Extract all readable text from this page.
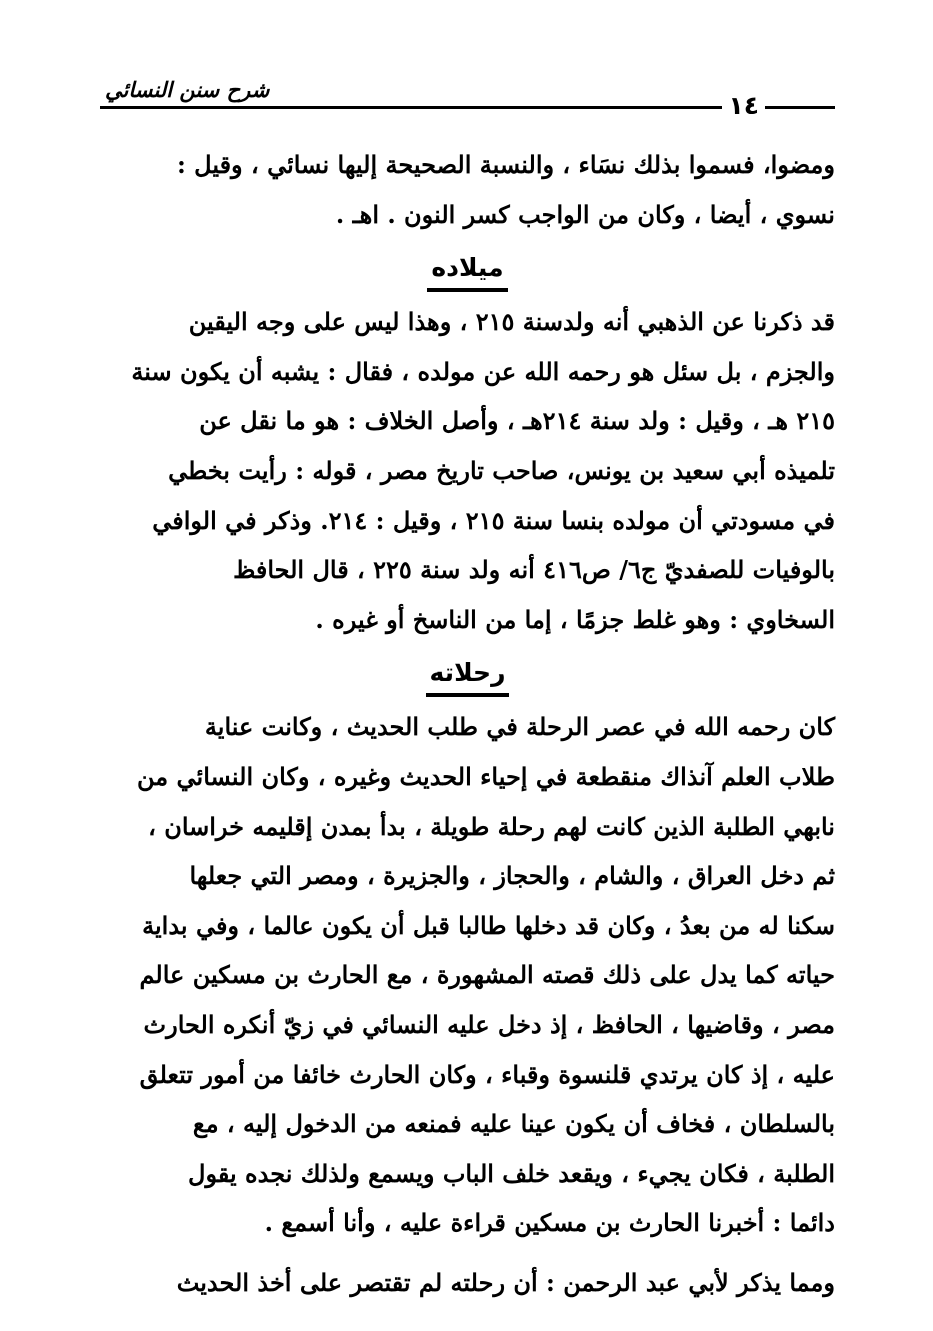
شرح سنن النسائي
١٤

ومضوا، فسموا بذلك نسَاء ، والنسبة الصحيحة إليها نسائي ، وقيل :
نسوي ، أيضا ، وكان من الواجب كسر النون . اهـ .

ميلاده

قد ذكرنا عن الذهبي أنه ولدسنة ٢١٥ ، وهذا ليس على وجه اليقين
والجزم ، بل سئل هو رحمه الله عن مولده ، فقال : يشبه أن يكون سنة
٢١٥ هـ ، وقيل : ولد سنة ٢١٤هـ ، وأصل الخلاف : هو ما نقل عن
تلميذه أبي سعيد بن يونس، صاحب تاريخ مصر ، قوله : رأيت بخطي
في مسودتي أن مولده بنسا سنة ٢١٥ ، وقيل : ٢١٤. وذكر في الوافي
بالوفيات للصفديّ ج٦/ ص٤١٦ أنه ولد سنة ٢٢٥ ، قال الحافظ
السخاوي : وهو غلط جزمًا ، إما من الناسخ أو غيره .

رحلاته

كان رحمه الله في عصر الرحلة في طلب الحديث ، وكانت عناية
طلاب العلم آنذاك منقطعة في إحياء الحديث وغيره ، وكان النسائي من
نابهي الطلبة الذين كانت لهم رحلة طويلة ، بدأ بمدن إقليمه خراسان ،
ثم دخل العراق ، والشام ، والحجاز ، والجزيرة ، ومصر التي جعلها
سكنا له من بعدُ ، وكان قد دخلها طالبا قبل أن يكون عالما ، وفي بداية
حياته كما يدل على ذلك قصته المشهورة ، مع الحارث بن مسكين عالم
مصر ، وقاضيها ، الحافظ ، إذ دخل عليه النسائي في زيّ أنكره الحارث
عليه ، إذ كان يرتدي قلنسوة وقباء ، وكان الحارث خائفا من أمور تتعلق
بالسلطان ، فخاف أن يكون عينا عليه فمنعه من الدخول إليه ، مع
الطلبة ، فكان يجيء ، ويقعد خلف الباب ويسمع ولذلك نجده يقول
دائما : أخبرنا الحارث بن مسكين قراءة عليه ، وأنا أسمع .

ومما يذكر لأبي عبد الرحمن : أن رحلته لم تقتصر على أخذ الحديث
